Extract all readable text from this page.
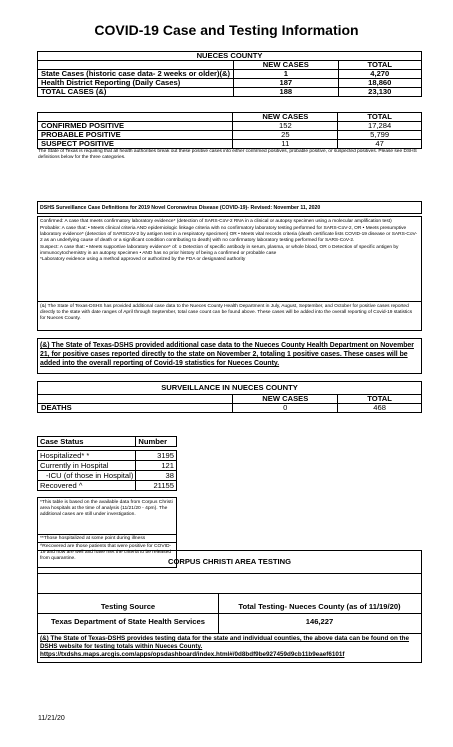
COVID-19 Case and Testing Information
NUECES COUNTY		
	NEW CASES	TOTAL
State Cases (historic case data- 2 weeks or older)(&)	1	4,270
Health District Reporting (Daily Cases)	187	18,860
TOTAL CASES (&)	188	23,130
	NEW CASES	TOTAL
CONFIRMED POSITIVE	152	17,284
PROBABLE POSITIVE	25	5,799
SUSPECT POSITIVE	11	47
The State of Texas is requiring that all health authorities break out these positive cases into either confirmed positives, probable positive, or suspected positives. Please see DSHS definitions below for the three categories.
DSHS Surveillance Case Definitions for 2019 Novel Coronavirus Disease (COVID-19)- Revised: November 11, 2020

Confirmed: A case that meets confirmatory laboratory evidence* (detection of SARS-CoV-2 RNA in a clinical or autopsy specimen using a molecular amplification test)

Probable: A case that: • Meets clinical criteria AND epidemiologic linkage criteria with no confirmatory laboratory testing performed for SARS-CoV-2, OR • Meets presumptive laboratory evidence* (detection of SARSCoV-2 by antigen test in a respiratory specimen) OR • Meets vital records criteria (death certificate lists COVID-19 disease or SARS-CoV-2 as an underlying cause of death or a significant condition contributing to death) with no confirmatory laboratory testing performed for SARS-CoV-2.

Suspect: A case that: • Meets supportive laboratory evidence* of: o Detection of specific antibody in serum, plasma, or whole blood, OR o Detection of specific antigen by immunocytochemistry in an autopsy specimen • AND has no prior history of being a confirmed or probable case

*Laboratory evidence using a method approved or authorized by the FDA or designated authority

(&) The State of Texas-DSHS has provided additional case data to the Nueces County Health Department in July, August, September, and October for positive cases reported directly to the state with date ranges of April through September, total case count can be found above. These cases will be added into the overall reporting of Covid-19 statistics for Nueces County.
(&) The State of Texas-DSHS provided additional case data to the Nueces County Health Department on November 21, for positive cases reported directly to the state on November 2, totaling 1 positive cases. These cases will be added into the overall reporting of Covid-19 statistics for Nueces County.
SURVEILLANCE IN NUECES COUNTY		
	NEW CASES	TOTAL
DEATHS	0	468
Case Status	Number

Hospitalized* *	3195
Currently in Hospital	121
-ICU (of those in Hospital)	38
Recovered ^	21155

*This table is based on the available data from Corpus Christi area hospitals at the time of analysis (11/21/20 - 4pm). The additional cases are still under investigation.

**Those hospitalized at some point during illness
^Recovered are those patients that were positive for COVID-19 and now are well and have met the criteria to be released from quarantine.	CORPUS CHRISTI AREA TESTING
Testing Source	Total Testing- Nueces County (as of 11/19/20)
Texas Department of State Health Services	146,227
(&) The State of Texas-DSHS provides testing data for the state and individual counties, the above data can be found on the DSHS website for testing totals within Nueces County.
https://txdshs.maps.arcgis.com/apps/opsdashboard/index.html#/0d8bdf9be927459d9cb11b9eaef6101f
11/21/20
